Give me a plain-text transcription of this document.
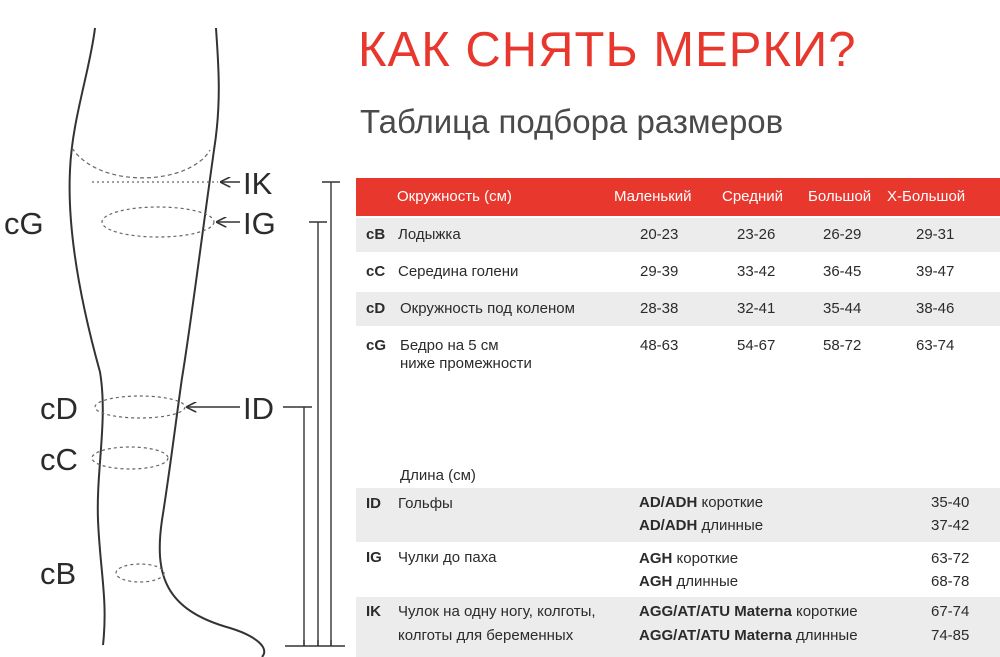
IK
IG
ID
cG
cD
cC
cB
КАК СНЯТЬ МЕРКИ?
Таблица подбора размеров
Окружность (см)	Маленький Средний Большой X-Большой
cB Лодыжка	20-23	23-26	26-29	29-31
cC Середина голени	29-39	33-42	36-45	39-47
cD Окружность под коленом	28-38	32-41	35-44	38-46
cG Бедро на 5 см
ниже промежности
48-63	54-67	58-72	63-74
Длина (см)
ID Гольфы	AD/ADH короткие	35-40
AD/ADH длинные	37-42
IG Чулки до паха	AGH короткие	63-72
AGH длинные	68-78
IK Чулок на одну ногу, колготы,
колготы для беременных
AGG/AT/ATU Materna короткие	67-74
AGG/AT/ATU Materna длинные	74-85
